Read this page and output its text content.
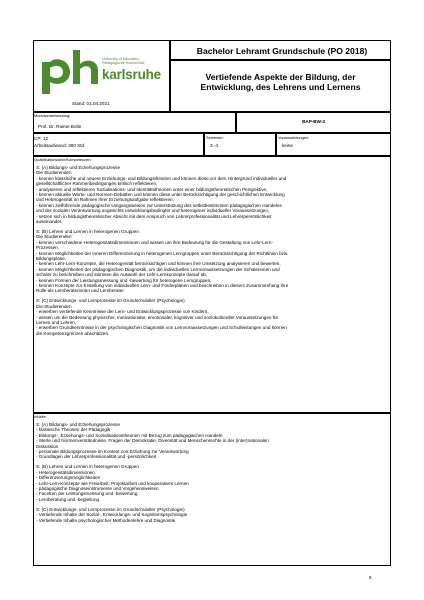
University of Education
Pädagogische Hochschule
karlsruhe
Stand: 01.04.2021
Bachelor Lehramt Grundschule (PO 2018)
Vertiefende Aspekte der Bildung, der
Entwicklung, des Lehrens und Lernens
Modulverantwortung:
Prof. Dr. Rainer Bolle
BAP-BW-3
CP: 12
Arbeitsaufwand: 360 Std.
Semester:
3.-4.
Voraussetzungen:
keine
Qualifikationsziele/Kompetenzen:
S: (A) Bildungs- und Erziehungsprozesse
Die Studierenden
- kennen klassische und neuere Erziehungs- und Bildungstheorien und können diese vor dem Hintergrund individueller und
gesellschaftlicher Rahmenbedingungen kritisch reflektieren,
- analysieren und reflektieren Sozialisations- und Identitätstheorien unter einer bildungstheoretischen Perspektive,
- kennen aktuelle Werte- und Normen-Debatten und können diese unter Berücksichtigung der geschichtlichen Entwicklung
und Heterogenität im Rahmen ihrer Erziehungsaufgabe reflektieren,
- kennen zielführende pädagogische Umgangsweisen zur Unterstützung des selbstbestimmten pädagogischen Handelns
und der sozialen Verantwortung angesichts entwicklungsbedingter und heterogener individueller Voraussetzungen,
- setzen sich in bildungstheoretischer Absicht mit dem Anspruch von Lehrerprofessionalität und Lehrerpersönlichkeit
auseinander.
S: (B) Lehren und Lernen in heterogenen Gruppen
Die Studierenden
- kennen verschiedene Heterogenitätsdimensionen und wissen um ihre Bedeutung für die Gestaltung von Lehr-Lern-
Prozessen,
- kennen Möglichkeiten der inneren Differenzierung in heterogenen Lerngruppen unter Berücksichtigung der Richtlinien bzw.
Bildungspläne,
- kennen Lehr-Lern-Konzepte, die Heterogenität berücksichtigen und können ihre Umsetzung analysieren und bewerten,
- kennen Möglichkeiten der pädagogischen Diagnostik, um die individuellen Lernvoraussetzungen der Schülerinnen und
Schüler zu beschreiben und stimmen die Auswahl der Lehr-Lernkonzepte darauf ab,
- kennen Formen der Leistungsmessung und -bewertung für heterogene Lerngruppen,
- kennen Konzepte zur Erstellung von individuellen Lern- und Förderplänen und beschreiben in diesem Zusammenhang ihre
Rolle als Lernberaterinnen und Lernberater.
S: (C) Entwicklungs- und Lernprozesse im Grundschulalter (Psychologie)
Die Studierenden
- erwerben vertiefende Kenntnisse der Lern- und Entwicklungsprozesse von Kindern,
- wissen um die Bedeutung physischer, motivationaler, emotionaler, kognitiver und soziokultureller Voraussetzungen für
Lernen und Lehren,
- erwerben Grundkenntnisse in der psychologischen Diagnostik von Lernvoraussetzungen und Schulleistungen und können
die Kompetenzgrenzen abschätzen.
Inhalte:
S: (A) Bildungs- und Erziehungsprozesse
- klassische Theorien der Pädagogik
- Bildungs-, Erziehungs- und Sozialisationstheorien mit Bezug zum pädagogischen Handeln
- Werte und Normenverständnisse, Fragen der Demokratie, Diversität und Menschenrechte in der (inter)nationalen
Diskussion
- personale Bildungsprozesse im Kontext von Erziehung zur Verantwortung
- Grundlagen der Lehrerprofessionalität und -persönlichkeit
S: (B) Lehren und Lernen in heterogenen Gruppen
- Heterogenitätsdimensionen
- Differenzierungsmöglichkeiten
- Lehr-Lern-Konzepte wie Freiarbeit, Projektarbeit und kooperatives Lernen
- pädagogische Diagnoseinstrumente und Vorgehensweisen
- Facetten der Leistungsmessung und -bewertung
- Lernberatung und -begleitung.
S: (C) Entwicklungs- und Lernprozesse im Grundschulalter (Psychologie)
- Vertiefende Inhalte der Sozial-, Entwicklungs- und Kognitionspsychologie
- Vertiefende Inhalte psychologischer Methodenlehre und Diagnostik
8
